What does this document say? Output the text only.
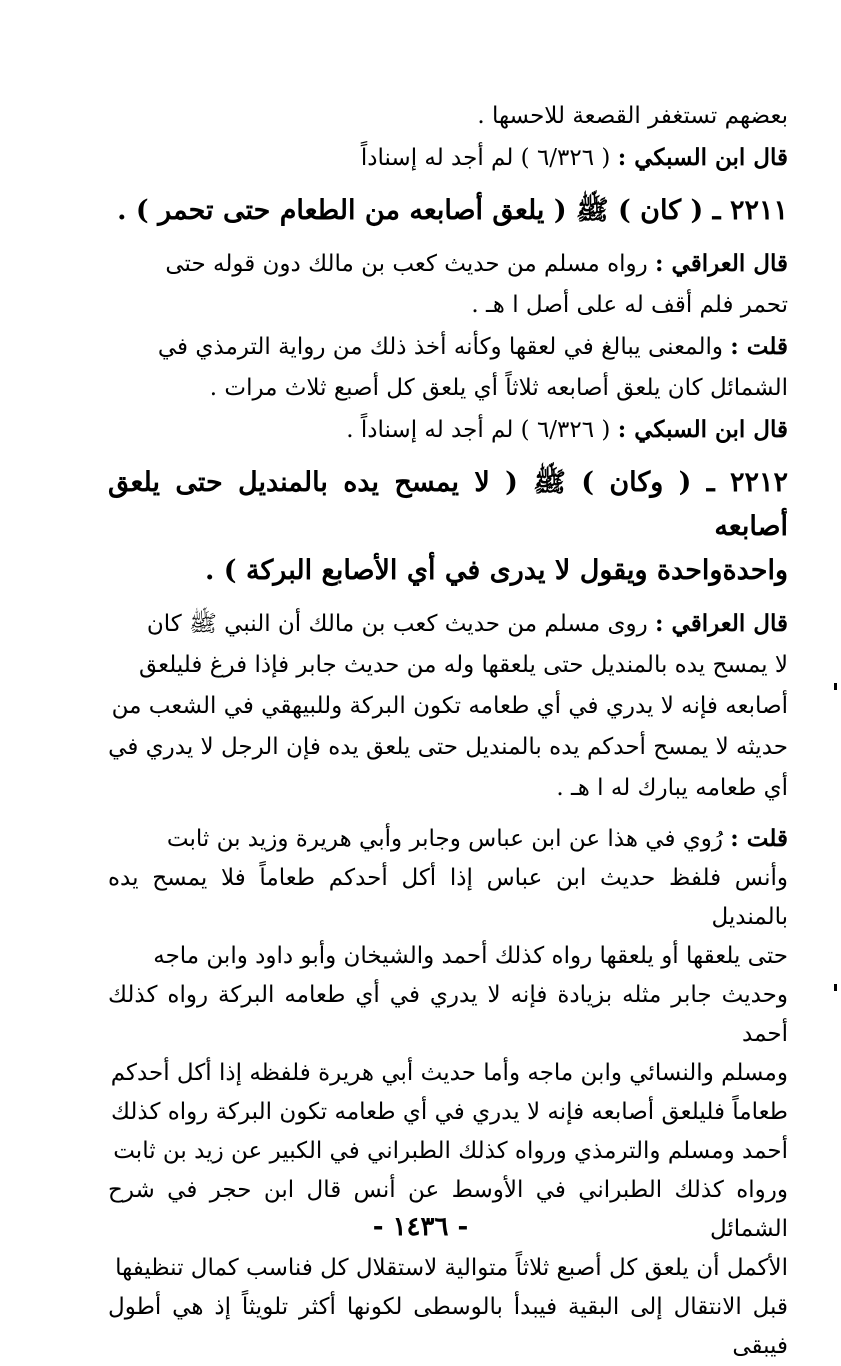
بعضهم تستغفر القصعة للاحسها .

قال ابن السبكي : ( ٦/٣٢٦ ) لم أجد له إسناداً

٢٢١١ ـ ( كان ) ﷺ ( يلعق أصابعه من الطعام حتى تحمر ) .

قال العراقي : رواه مسلم من حديث كعب بن مالك دون قوله حتى

تحمر فلم أقف له على أصل ا هـ .

قلت : والمعنى يبالغ في لعقها وكأنه أخذ ذلك من رواية الترمذي في

الشمائل كان يلعق أصابعه ثلاثاً أي يلعق كل أصبع ثلاث مرات .

قال ابن السبكي : ( ٦/٣٢٦ ) لم أجد له إسناداً .

٢٢١٢ ـ ( وكان ) ﷺ ( لا يمسح يده بالمنديل حتى يلعق أصابعه

واحدةواحدة ويقول لا يدرى في أي الأصابع البركة ) .

قال العراقي : روى مسلم من حديث كعب بن مالك أن النبي ﷺ كان

لا يمسح يده بالمنديل حتى يلعقها وله من حديث جابر فإذا فرغ فليلعق

أصابعه فإنه لا يدري في أي طعامه تكون البركة وللبيهقي في الشعب من

حديثه لا يمسح أحدكم يده بالمنديل حتى يلعق يده فإن الرجل لا يدري في

أي طعامه يبارك له ا هـ .

قلت : رُوي في هذا عن ابن عباس وجابر وأبي هريرة وزيد بن ثابت

وأنس فلفظ حديث ابن عباس إذا أكل أحدكم طعاماً فلا يمسح يده بالمنديل

حتى يلعقها أو يلعقها رواه كذلك أحمد والشيخان وأبو داود وابن ماجه

وحديث جابر مثله بزيادة فإنه لا يدري في أي طعامه البركة رواه كذلك أحمد

ومسلم والنسائي وابن ماجه وأما حديث أبي هريرة فلفظه إذا أكل أحدكم

طعاماً فليلعق أصابعه فإنه لا يدري في أي طعامه تكون البركة رواه كذلك

أحمد ومسلم والترمذي ورواه كذلك الطبراني في الكبير عن زيد بن ثابت

ورواه كذلك الطبراني في الأوسط عن أنس قال ابن حجر في شرح الشمائل

الأكمل أن يلعق كل أصبع ثلاثاً متوالية لاستقلال كل فناسب كمال تنظيفها

قبل الانتقال إلى البقية فيبدأ بالوسطى لكونها أكثر تلويثاً إذ هي أطول فيبقى

- ١٤٣٦ -
